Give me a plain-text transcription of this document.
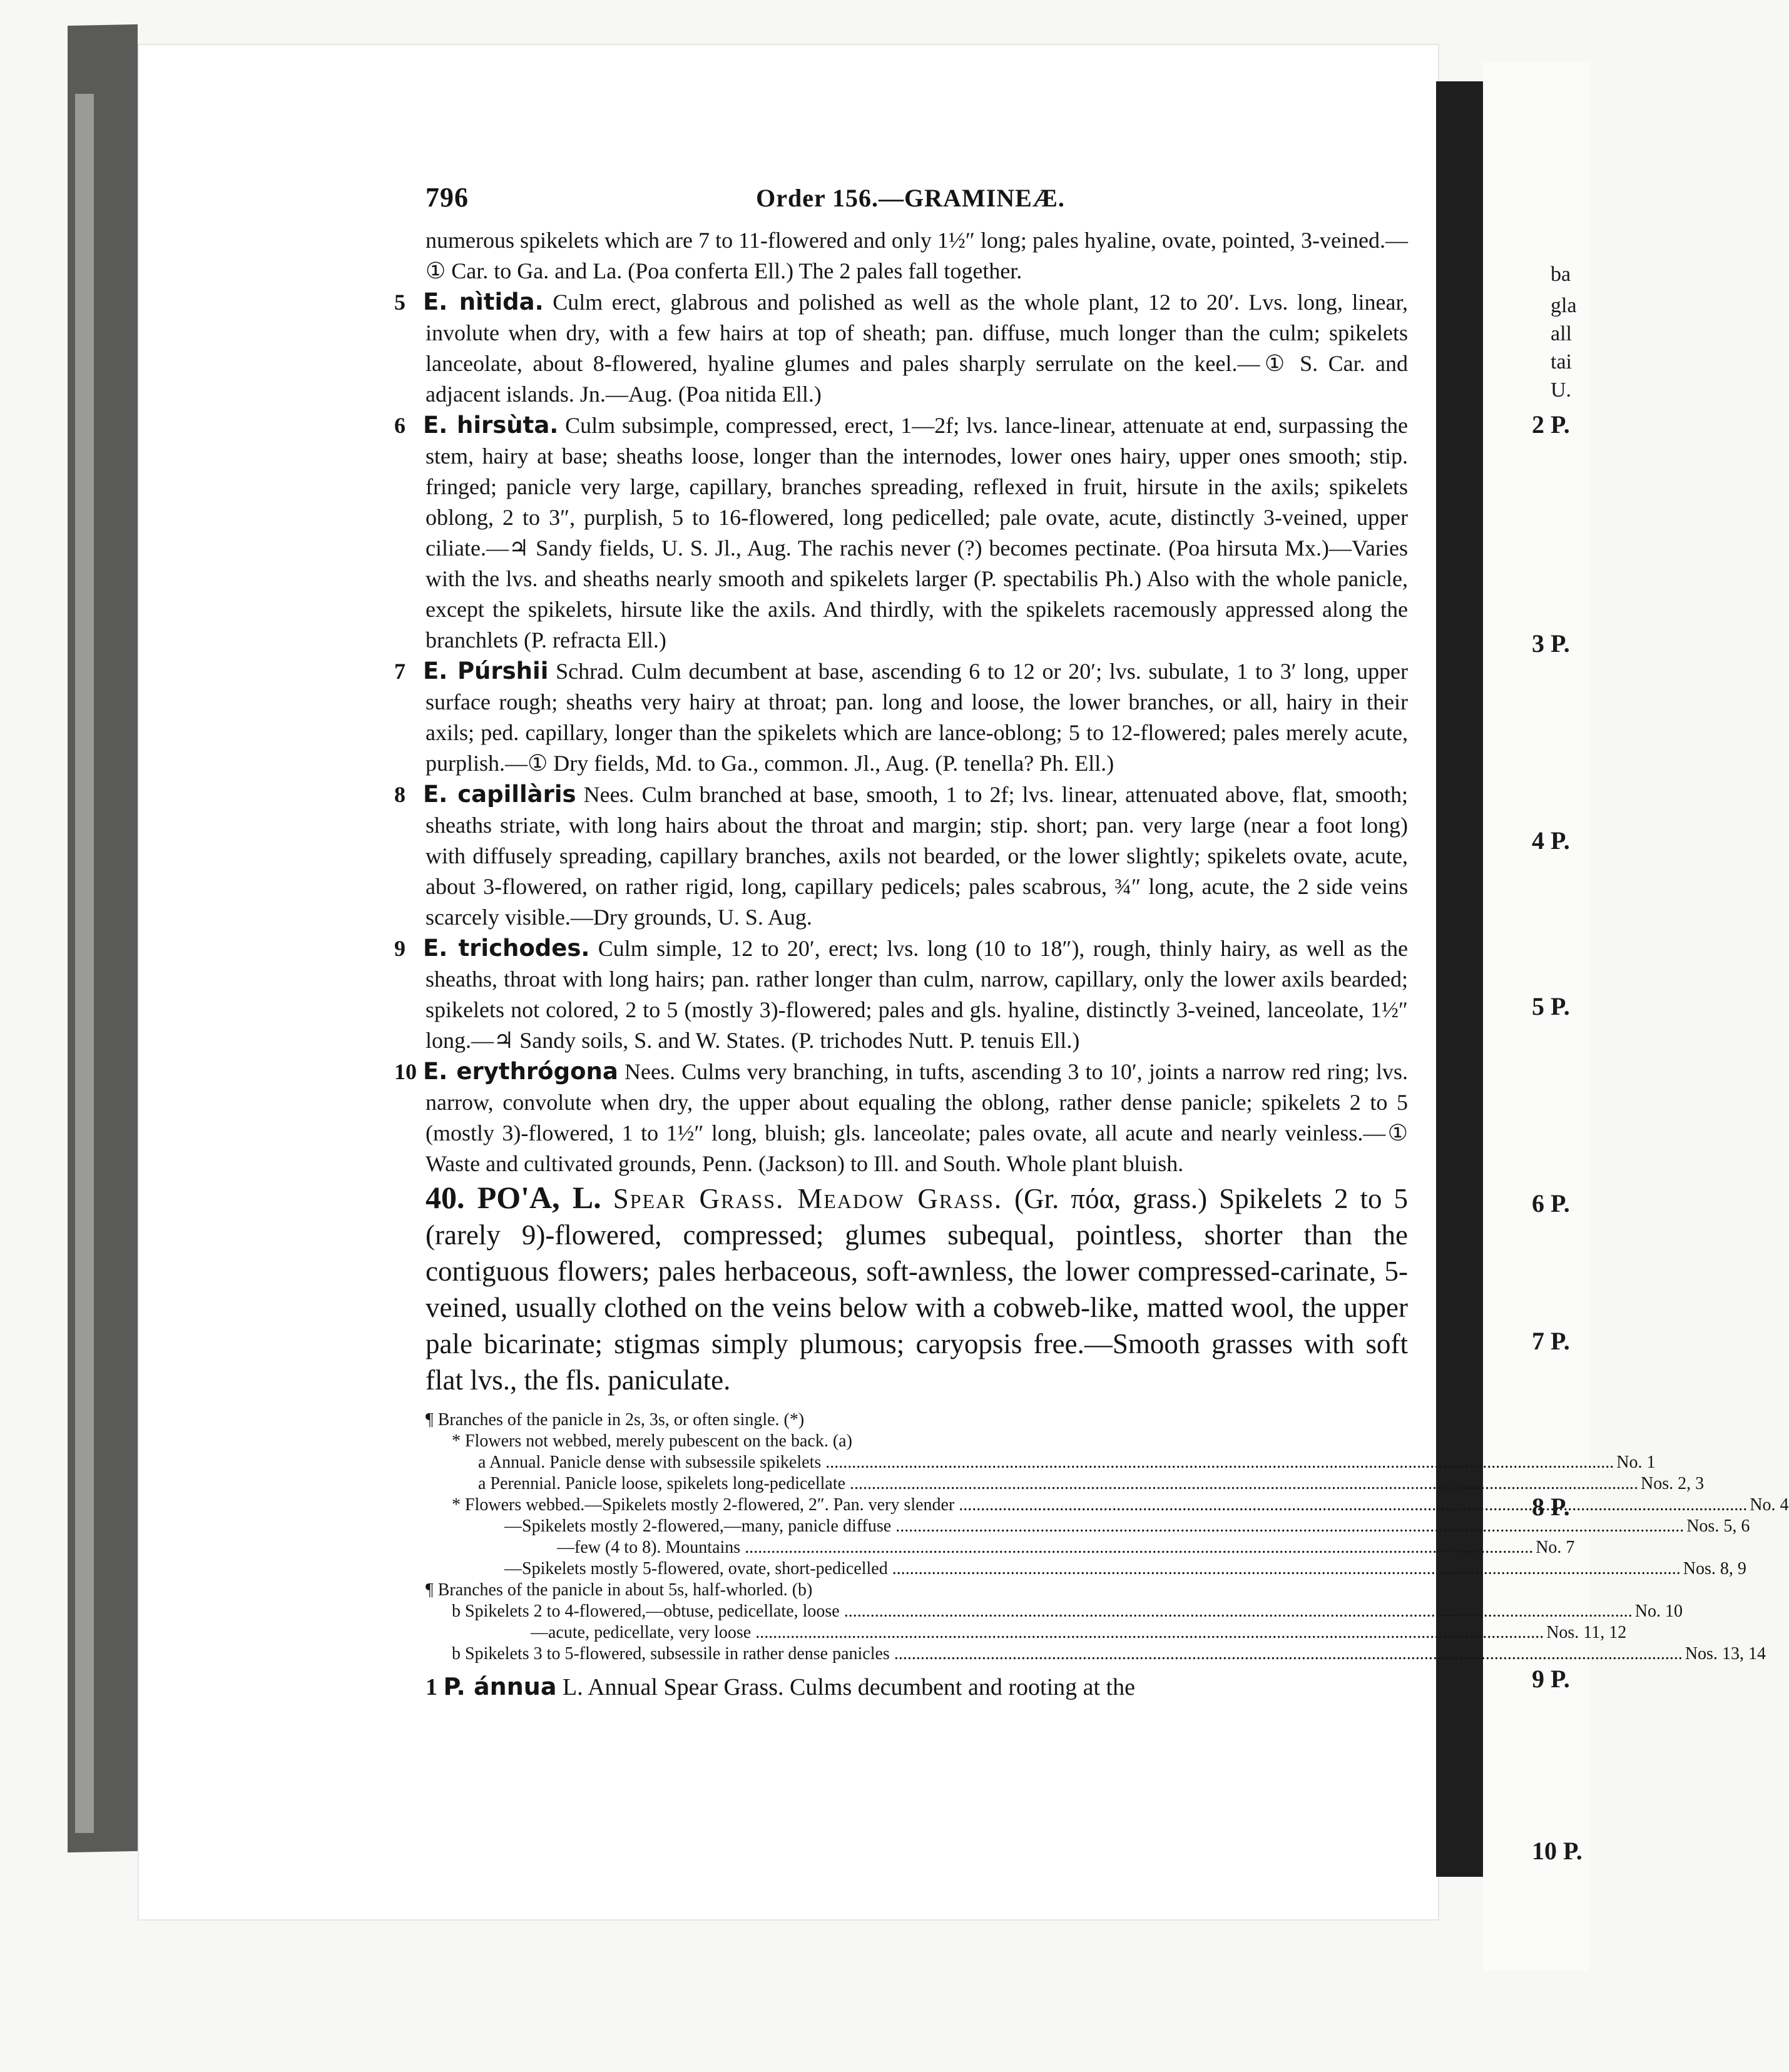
796	Order 156.—GRAMINEÆ.

numerous spikelets which are 7 to 11-flowered and only 1½″ long; pales hyaline, ovate, pointed, 3-veined.—① Car. to Ga. and La. (Poa conferta Ell.) The 2 pales fall together.

5 E. nìtida. Culm erect, glabrous and polished as well as the whole plant, 12 to 20′. Lvs. long, linear, involute when dry, with a few hairs at top of sheath; pan. diffuse, much longer than the culm; spikelets lanceolate, about 8-flowered, hyaline glumes and pales sharply serrulate on the keel.—① S. Car. and adjacent islands. Jn.—Aug. (Poa nitida Ell.)

6 E. hirsùta. Culm subsimple, compressed, erect, 1—2f; lvs. lance-linear, attenuate at end, surpassing the stem, hairy at base; sheaths loose, longer than the internodes, lower ones hairy, upper ones smooth; stip. fringed; panicle very large, capillary, branches spreading, reflexed in fruit, hirsute in the axils; spikelets oblong, 2 to 3″, purplish, 5 to 16-flowered, long pedicelled; pale ovate, acute, distinctly 3-veined, upper ciliate.—♃ Sandy fields, U. S. Jl., Aug. The rachis never (?) becomes pectinate. (Poa hirsuta Mx.)—Varies with the lvs. and sheaths nearly smooth and spikelets larger (P. spectabilis Ph.) Also with the whole panicle, except the spikelets, hirsute like the axils. And thirdly, with the spikelets racemously appressed along the branchlets (P. refracta Ell.)

7 E. Púrshii Schrad. Culm decumbent at base, ascending 6 to 12 or 20′; lvs. subulate, 1 to 3′ long, upper surface rough; sheaths very hairy at throat; pan. long and loose, the lower branches, or all, hairy in their axils; ped. capillary, longer than the spikelets which are lance-oblong; 5 to 12-flowered; pales merely acute, purplish.—① Dry fields, Md. to Ga., common. Jl., Aug. (P. tenella? Ph. Ell.)

8 E. capillàris Nees. Culm branched at base, smooth, 1 to 2f; lvs. linear, attenuated above, flat, smooth; sheaths striate, with long hairs about the throat and margin; stip. short; pan. very large (near a foot long) with diffusely spreading, capillary branches, axils not bearded, or the lower slightly; spikelets ovate, acute, about 3-flowered, on rather rigid, long, capillary pedicels; pales scabrous, ¾″ long, acute, the 2 side veins scarcely visible.—Dry grounds, U. S. Aug.

9 E. trichodes. Culm simple, 12 to 20′, erect; lvs. long (10 to 18″), rough, thinly hairy, as well as the sheaths, throat with long hairs; pan. rather longer than culm, narrow, capillary, only the lower axils bearded; spikelets not colored, 2 to 5 (mostly 3)-flowered; pales and gls. hyaline, distinctly 3-veined, lanceolate, 1½″ long.—♃ Sandy soils, S. and W. States. (P. trichodes Nutt. P. tenuis Ell.)

10 E. erythrógona Nees. Culms very branching, in tufts, ascending 3 to 10′, joints a narrow red ring; lvs. narrow, convolute when dry, the upper about equaling the oblong, rather dense panicle; spikelets 2 to 5 (mostly 3)-flowered, 1 to 1½″ long, bluish; gls. lanceolate; pales ovate, all acute and nearly veinless.—① Waste and cultivated grounds, Penn. (Jackson) to Ill. and South. Whole plant bluish.

40. PO'A, L. Spear Grass. Meadow Grass. (Gr. πόα, grass.) Spikelets 2 to 5 (rarely 9)-flowered, compressed; glumes subequal, pointless, shorter than the contiguous flowers; pales herbaceous, soft-awnless, the lower compressed-carinate, 5-veined, usually clothed on the veins below with a cobweb-like, matted wool, the upper pale bicarinate; stigmas simply plumous; caryopsis free.—Smooth grasses with soft flat lvs., the fls. paniculate.

¶ Branches of the panicle in 2s, 3s, or often single. (*)
* Flowers not webbed, merely pubescent on the back. (a)
a Annual. Panicle dense with subsessile spikelets .....	No. 1
a Perennial. Panicle loose, spikelets long-pedicellate .....	Nos. 2, 3
* Flowers webbed.—Spikelets mostly 2-flowered, 2″. Pan. very slender .....	No. 4
—Spikelets mostly 2-flowered,—many, panicle diffuse .....	Nos. 5, 6
—few (4 to 8). Mountains .....	No. 7
—Spikelets mostly 5-flowered, ovate, short-pedicelled .....	Nos. 8, 9
¶ Branches of the panicle in about 5s, half-whorled. (b)
b Spikelets 2 to 4-flowered,—obtuse, pedicellate, loose .....	No. 10
—acute, pedicellate, very loose .....	Nos. 11, 12
b Spikelets 3 to 5-flowered, subsessile in rather dense panicles .....	Nos. 13, 14
1 P. ánnua L. Annual Spear Grass. Culms decumbent and rooting at the
ba
gla
all
tai
U.
2 P.
3 P.
4 P.
5 P.
6 P.
7 P.
8 P.
9 P.
10 P.
